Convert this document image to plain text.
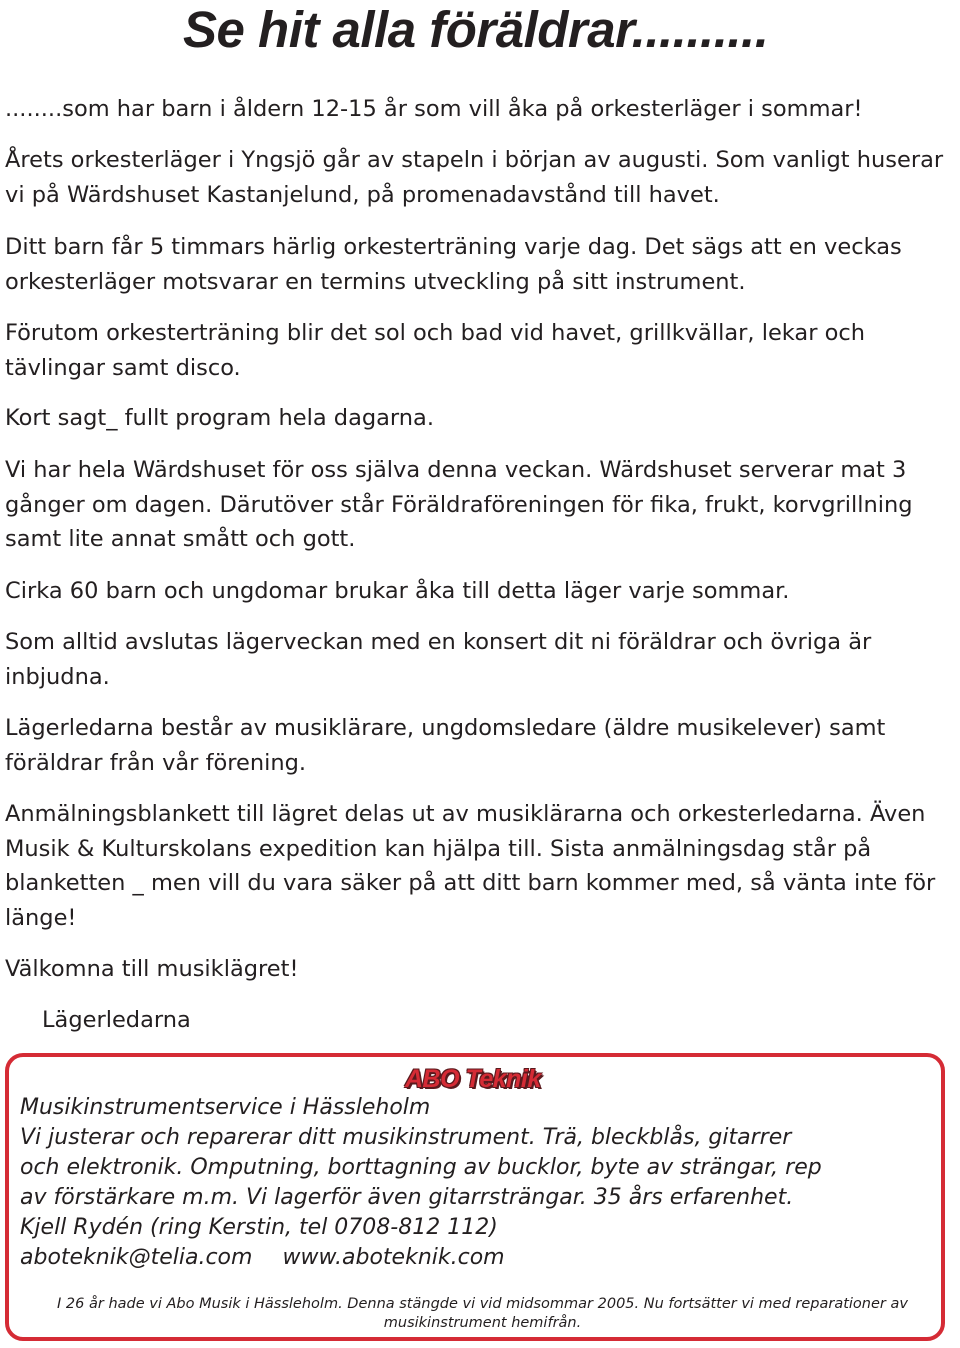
Se hit alla föräldrar..........

........som har barn i åldern 12-15 år som vill åka på orkesterläger i sommar!

Årets orkesterläger i Yngsjö går av stapeln i början av augusti. Som vanligt huserar vi på Wärdshuset Kastanjelund, på promenadavstånd till havet.

Ditt barn får 5 timmars härlig orkesterträning varje dag. Det sägs att en veckas orkesterläger motsvarar en termins utveckling på sitt instrument.

Förutom orkesterträning blir det sol och bad vid havet, grillkvällar, lekar och tävlingar samt disco.

Kort sagt_ fullt program hela dagarna.

Vi har hela Wärdshuset för oss själva denna veckan. Wärdshuset serverar mat 3 gånger om dagen. Därutöver står Föräldraföreningen för fika, frukt, korvgrillning samt lite annat smått och gott.

Cirka 60 barn och ungdomar brukar åka till detta läger varje sommar.

Som alltid avslutas lägerveckan med en konsert dit ni föräldrar och övriga är inbjudna.

Lägerledarna består av musiklärare, ungdomsledare (äldre musikelever) samt föräldrar från vår förening.

Anmälningsblankett till lägret delas ut av musiklärarna och orkesterledarna. Även Musik & Kulturskolans expedition kan hjälpa till. Sista anmälningsdag står på blanketten _ men vill du vara säker på att ditt barn kommer med, så vänta inte för länge!

Välkomna till musiklägret!

Lägerledarna

ABO Teknik
Musikinstrumentservice i Hässleholm
Vi justerar och reparerar ditt musikinstrument. Trä, bleckblås, gitarrer
och elektronik. Omputning, borttagning av bucklor, byte av strängar, rep
av förstärkare m.m. Vi lagerför även gitarrsträngar. 35 års erfarenhet.
Kjell Rydén (ring Kerstin, tel 0708-812 112)
aboteknik@telia.com www.aboteknik.com
I 26 år hade vi Abo Musik i Hässleholm. Denna stängde vi vid midsommar 2005. Nu fortsätter vi med reparationer av musikinstrument hemifrån.
